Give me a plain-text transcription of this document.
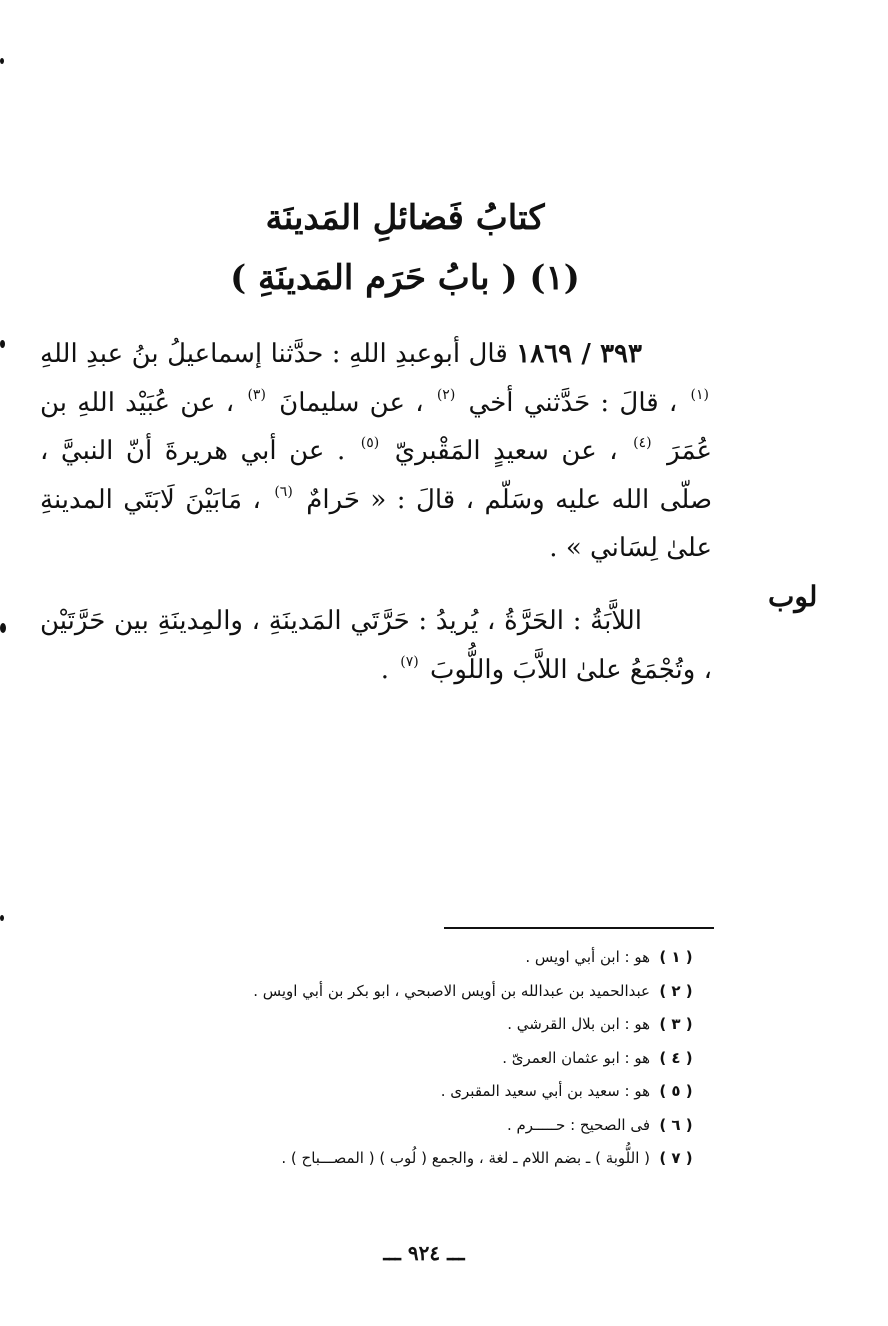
كتابُ فَضائلِ المَدينَة
(١) ( بابُ حَرَم المَدينَةِ )

٣٩٣ / ١٨٦٩ قال أبوعبدِ اللهِ : حدَّثنا إسماعيلُ بنُ عبدِ اللهِ $^{(١)}$ ، قالَ : حَدَّثني أخي $^{(٢)}$ ، عن سليمانَ $^{(٣)}$ ، عن عُبَيْد اللهِ بن عُمَرَ $^{(٤)}$ ، عن سعيدٍ المَقْبريّ $^{(٥)}$ . عن أبي هريرةَ أنّ النبيَّ ، صلّى الله عليه وسَلّم ، قالَ : « حَرامٌ $^{(٦)}$ ، مَابَيْنَ لَابَتَي المدينةِ علىٰ لِسَاني » .

لوب

اللاَّبَةُ : الحَرَّةُ ، يُريدُ : حَرَّتَي المَدينَةِ ، والمِدينَةِ بين حَرَّتَيْن ، وتُجْمَعُ علىٰ اللاَّبَ واللُّوبَ $^{(٧)}$ .

( ١ )هو : ابن أبي اويس .
( ٢ )عبدالحميد بن عبدالله بن أويس الاصبحي ، ابو بكر بن أبي اويس .
( ٣ )هو : ابن بلال القرشي .
( ٤ )هو : ابو عثمان العمرىّ .
( ٥ )هو : سعيد بن أبي سعيد المقبرى .
( ٦ )فى الصحيح : حـــــرم .
( ٧ )( اللُّوبة ) ـ بضم اللام ـ لغة ، والجمع ( لُوب ) ( المصـــباح ) .
ـــ ٩٢٤ ـــ
